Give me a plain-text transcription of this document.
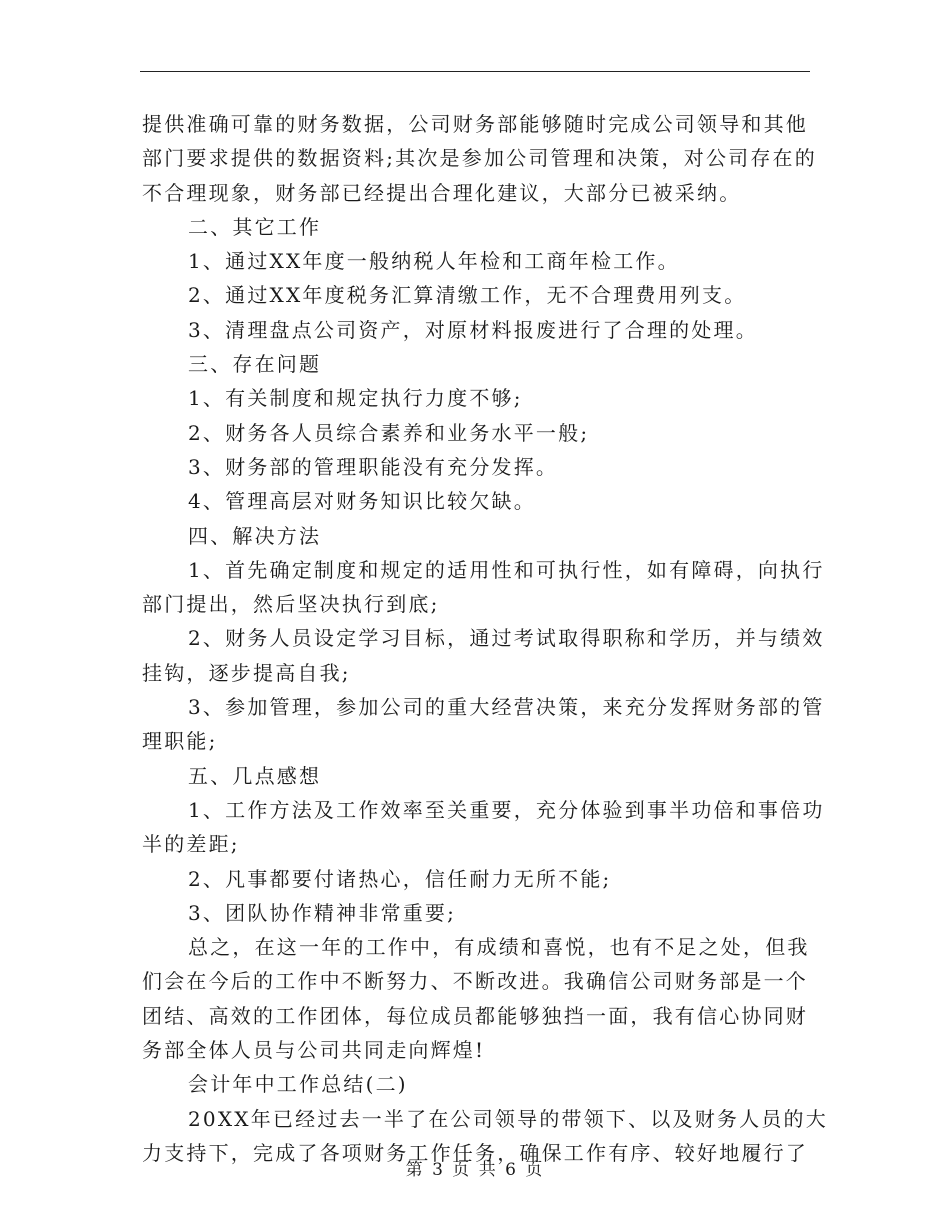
提供准确可靠的财务数据，公司财务部能够随时完成公司领导和其他

部门要求提供的数据资料;其次是参加公司管理和决策，对公司存在的

不合理现象，财务部已经提出合理化建议，大部分已被采纳。

二、其它工作

1、通过XX年度一般纳税人年检和工商年检工作。

2、通过XX年度税务汇算清缴工作，无不合理费用列支。

3、清理盘点公司资产，对原材料报废进行了合理的处理。

三、存在问题

1、有关制度和规定执行力度不够;

2、财务各人员综合素养和业务水平一般;

3、财务部的管理职能没有充分发挥。

4、管理高层对财务知识比较欠缺。

四、解决方法

1、首先确定制度和规定的适用性和可执行性，如有障碍，向执行

部门提出，然后坚决执行到底;

2、财务人员设定学习目标，通过考试取得职称和学历，并与绩效

挂钩，逐步提高自我;

3、参加管理，参加公司的重大经营决策，来充分发挥财务部的管

理职能;

五、几点感想

1、工作方法及工作效率至关重要，充分体验到事半功倍和事倍功

半的差距;

2、凡事都要付诸热心，信任耐力无所不能;

3、团队协作精神非常重要;

总之，在这一年的工作中，有成绩和喜悦，也有不足之处，但我

们会在今后的工作中不断努力、不断改进。我确信公司财务部是一个

团结、高效的工作团体，每位成员都能够独挡一面，我有信心协同财

务部全体人员与公司共同走向辉煌!

会计年中工作总结(二)

20XX年已经过去一半了在公司领导的带领下、以及财务人员的大

力支持下，完成了各项财务工作任务，确保工作有序、较好地履行了

第 3 页 共 6 页
